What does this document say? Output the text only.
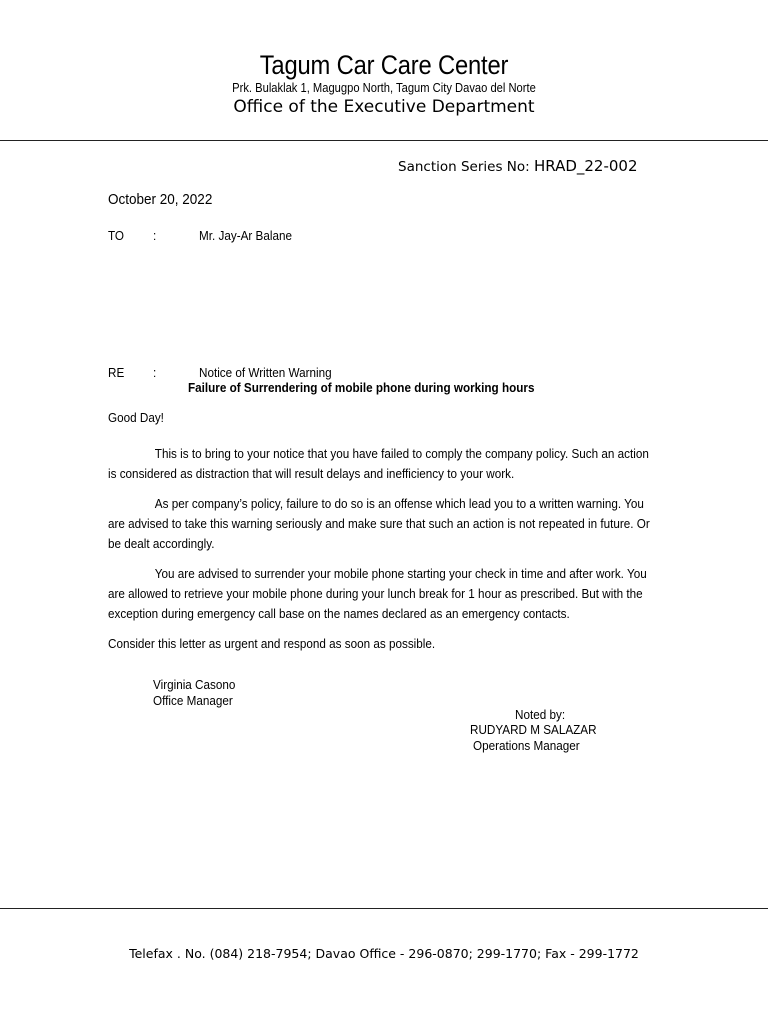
Tagum Car Care Center
Prk. Bulaklak 1, Magugpo North, Tagum City Davao del Norte
Office of the Executive Department
Sanction Series No: HRAD_22-002
October 20, 2022
TO :	Mr. Jay-Ar Balane
RE :	Notice of Written Warning
Failure of Surrendering of mobile phone during working hours
Good Day!
This is to bring to your notice that you have failed to comply the company policy. Such an action is considered as distraction that will result delays and inefficiency to your work.
As per company’s policy, failure to do so is an offense which lead you to a written warning. You are advised to take this warning seriously and make sure that such an action is not repeated in future. Or be dealt accordingly.
You are advised to surrender your mobile phone starting your check in time and after work. You are allowed to retrieve your mobile phone during your lunch break for 1 hour as prescribed. But with the exception during emergency call base on the names declared as an emergency contacts.
Consider this letter as urgent and respond as soon as possible.
Virginia Casono
Office Manager
Noted by:
RUDYARD M SALAZAR
Operations Manager
Telefax . No. (084) 218-7954; Davao Office - 296-0870; 299-1770; Fax - 299-1772
